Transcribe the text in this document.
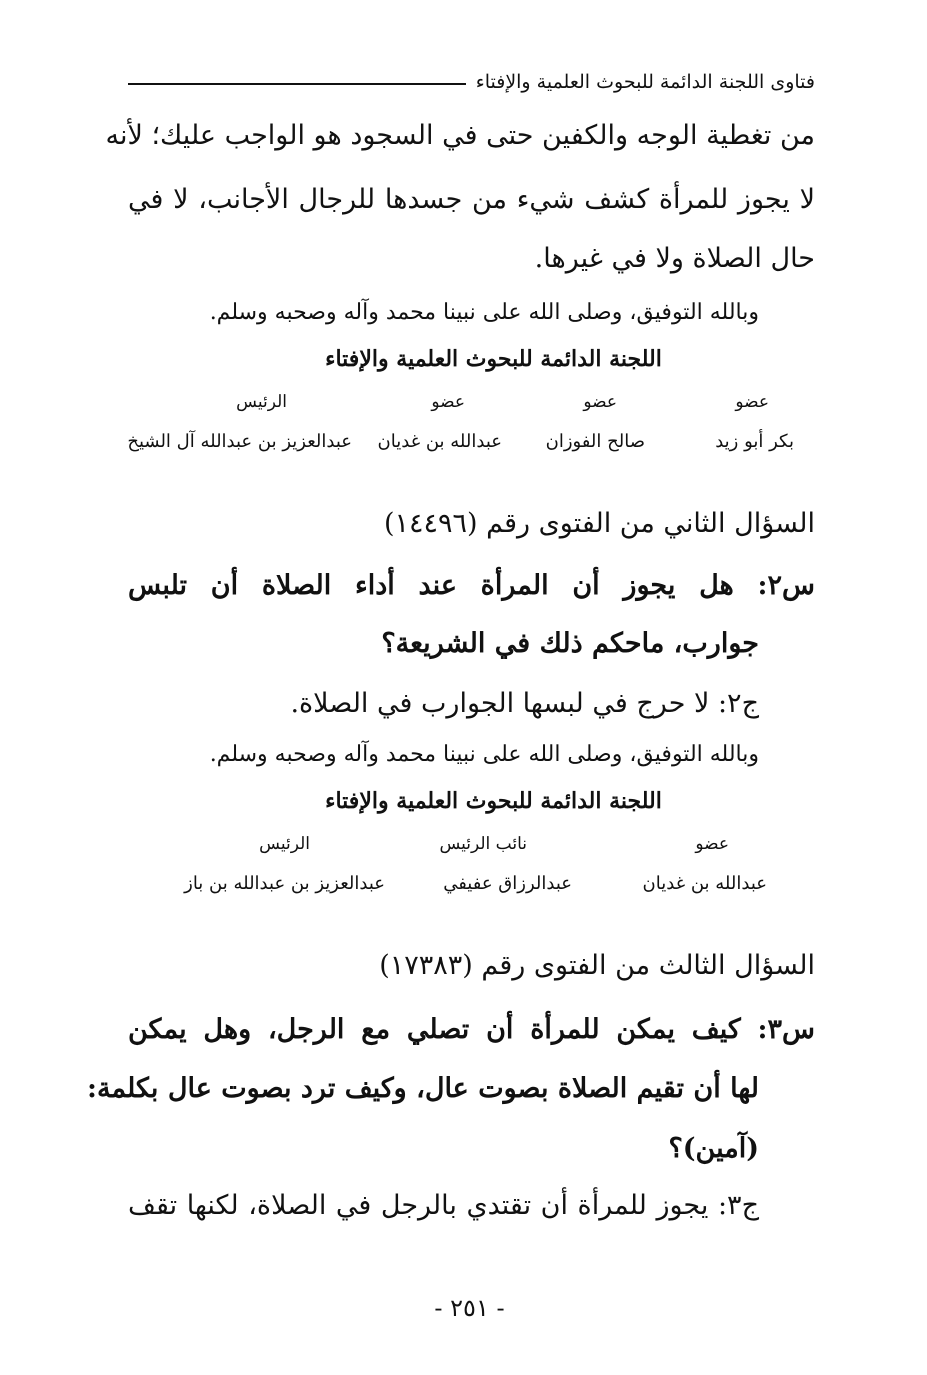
فتاوى اللجنة الدائمة للبحوث العلمية والإفتاء
من تغطية الوجه والكفين حتى في السجود هو الواجب عليك؛ لأنه
لا يجوز للمرأة كشف شيء من جسدها للرجال الأجانب، لا في
حال الصلاة ولا في غيرها.
وبالله التوفيق، وصلى الله على نبينا محمد وآله وصحبه وسلم.
اللجنة الدائمة للبحوث العلمية والإفتاء
عضو
عضو
عضو
الرئيس
بكر أبو زيد
صالح الفوزان
عبدالله بن غديان
عبدالعزيز بن عبدالله آل الشيخ
السؤال الثاني من الفتوى رقم (١٤٤٩٦)
س٢: هل يجوز أن المرأة عند أداء الصلاة أن تلبس
جوارب، ماحكم ذلك في الشريعة؟
ج٢: لا حرج في لبسها الجوارب في الصلاة.
وبالله التوفيق، وصلى الله على نبينا محمد وآله وصحبه وسلم.
اللجنة الدائمة للبحوث العلمية والإفتاء
عضو
نائب الرئيس
الرئيس
عبدالله بن غديان
عبدالرزاق عفيفي
عبدالعزيز بن عبدالله بن باز
السؤال الثالث من الفتوى رقم (١٧٣٨٣)
س٣: كيف يمكن للمرأة أن تصلي مع الرجل، وهل يمكن
لها أن تقيم الصلاة بصوت عال، وكيف ترد بصوت عال بكلمة:
(آمين)؟
ج٣: يجوز للمرأة أن تقتدي بالرجل في الصلاة، لكنها تقف
- ٢٥١ -
